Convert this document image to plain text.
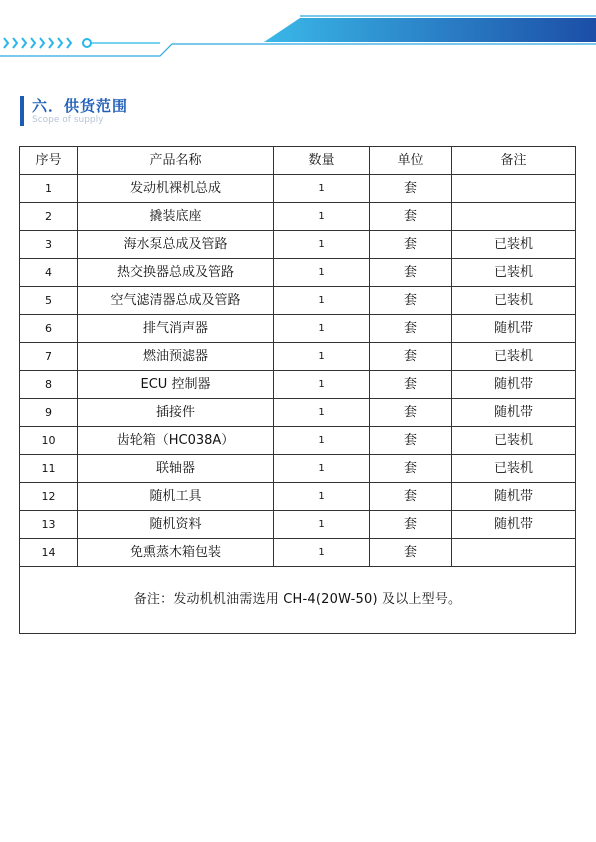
六．供货范围
Scope of supply
序号	产品名称	数量	单位	备注
1	发动机裸机总成	1	套	
2	撬装底座	1	套	
3	海水泵总成及管路	1	套	已装机
4	热交换器总成及管路	1	套	已装机
5	空气滤清器总成及管路	1	套	已装机
6	排气消声器	1	套	随机带
7	燃油预滤器	1	套	已装机
8	ECU 控制器	1	套	随机带
9	插接件	1	套	随机带
10	齿轮箱（HC038A）	1	套	已装机
11	联轴器	1	套	已装机
12	随机工具	1	套	随机带
13	随机资料	1	套	随机带
14	免熏蒸木箱包装	1	套	
备注：发动机机油需选用 CH-4(20W-50) 及以上型号。				
